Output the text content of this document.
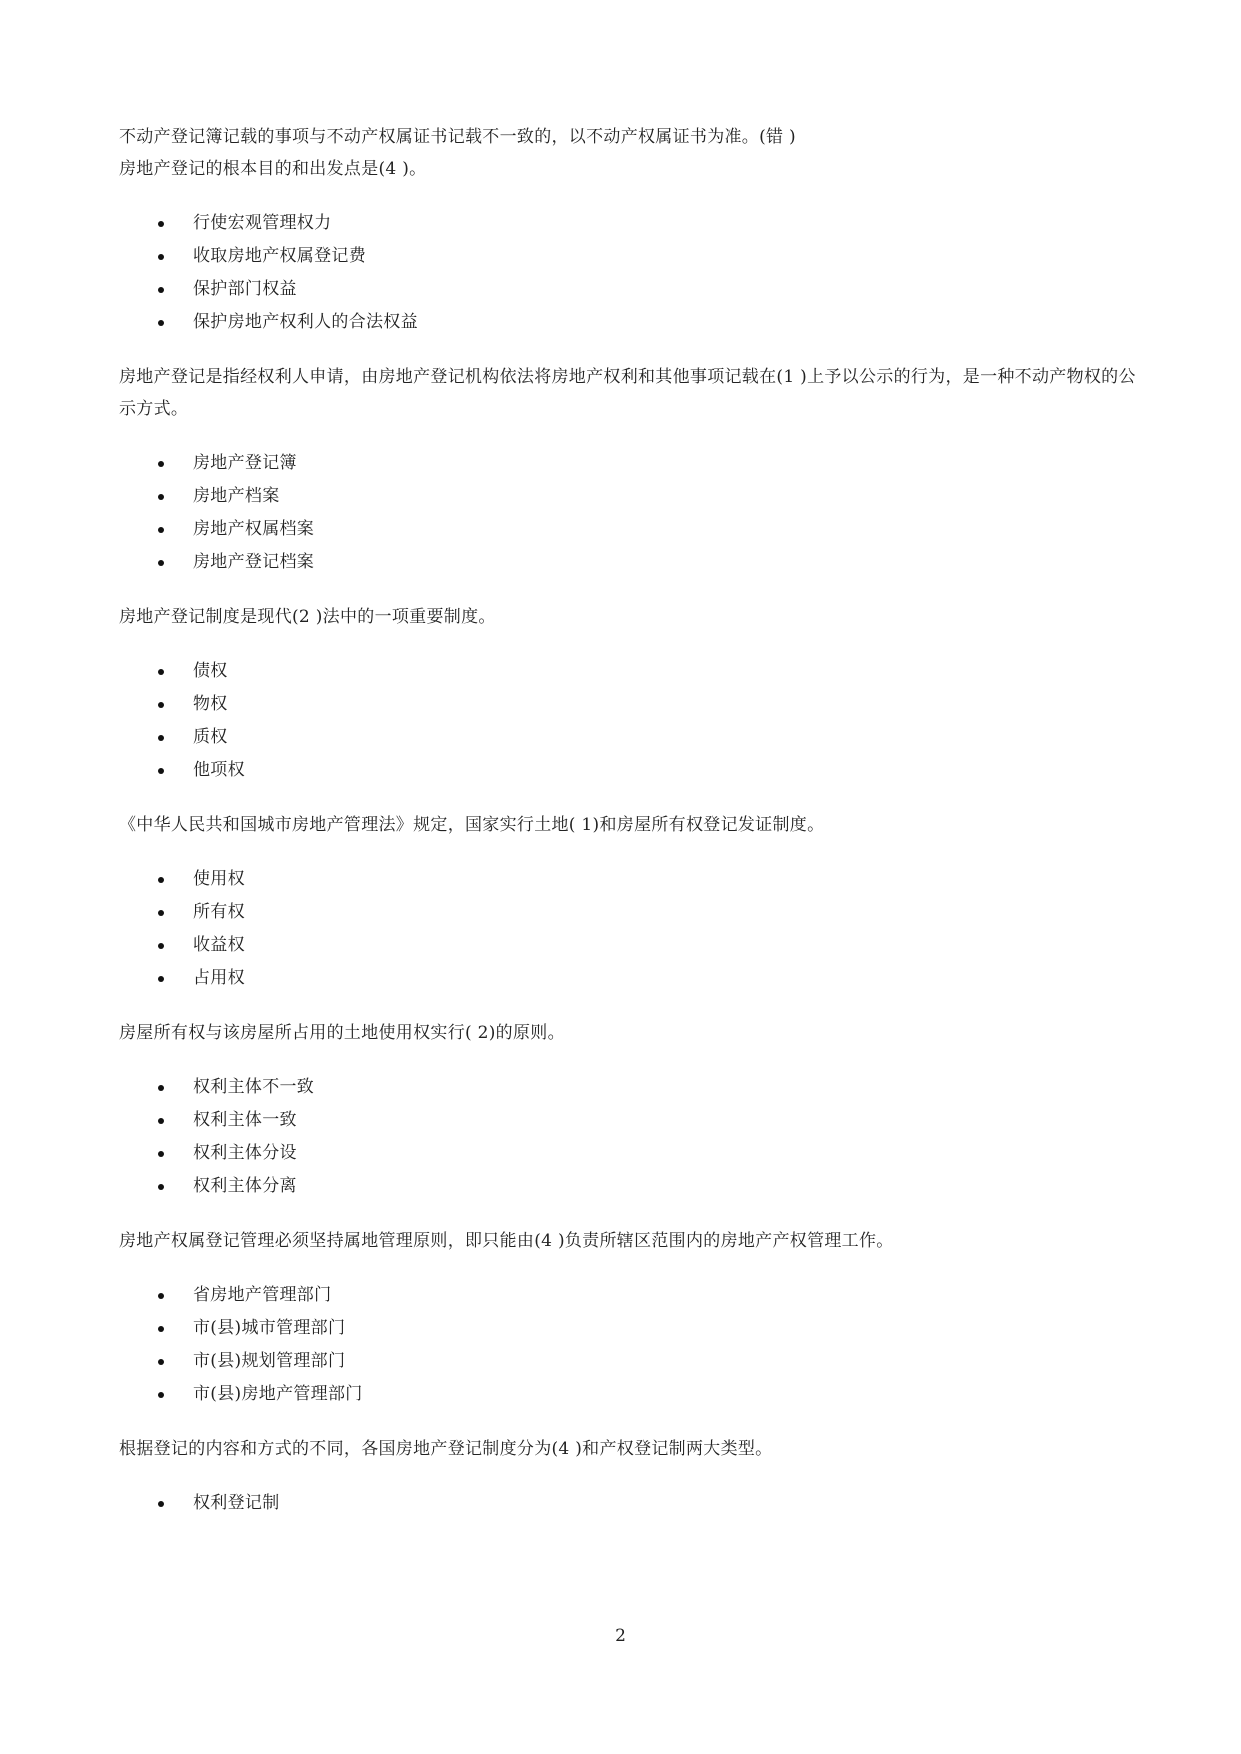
不动产登记簿记载的事项与不动产权属证书记载不一致的，以不动产权属证书为准。(错 )

房地产登记的根本目的和出发点是(4 )。

行使宏观管理权力
收取房地产权属登记费
保护部门权益
保护房地产权利人的合法权益

房地产登记是指经权利人申请，由房地产登记机构依法将房地产权利和其他事项记载在(1 )上予以公示的行为，是一种不动产物权的公示方式。

房地产登记簿
房地产档案
房地产权属档案
房地产登记档案

房地产登记制度是现代(2 )法中的一项重要制度。

债权
物权
质权
他项权

《中华人民共和国城市房地产管理法》规定，国家实行土地( 1)和房屋所有权登记发证制度。

使用权
所有权
收益权
占用权

房屋所有权与该房屋所占用的土地使用权实行( 2)的原则。

权利主体不一致
权利主体一致
权利主体分设
权利主体分离

房地产权属登记管理必须坚持属地管理原则，即只能由(4 )负责所辖区范围内的房地产产权管理工作。

省房地产管理部门
市(县)城市管理部门
市(县)规划管理部门
市(县)房地产管理部门

根据登记的内容和方式的不同，各国房地产登记制度分为(4 )和产权登记制两大类型。

权利登记制
2
